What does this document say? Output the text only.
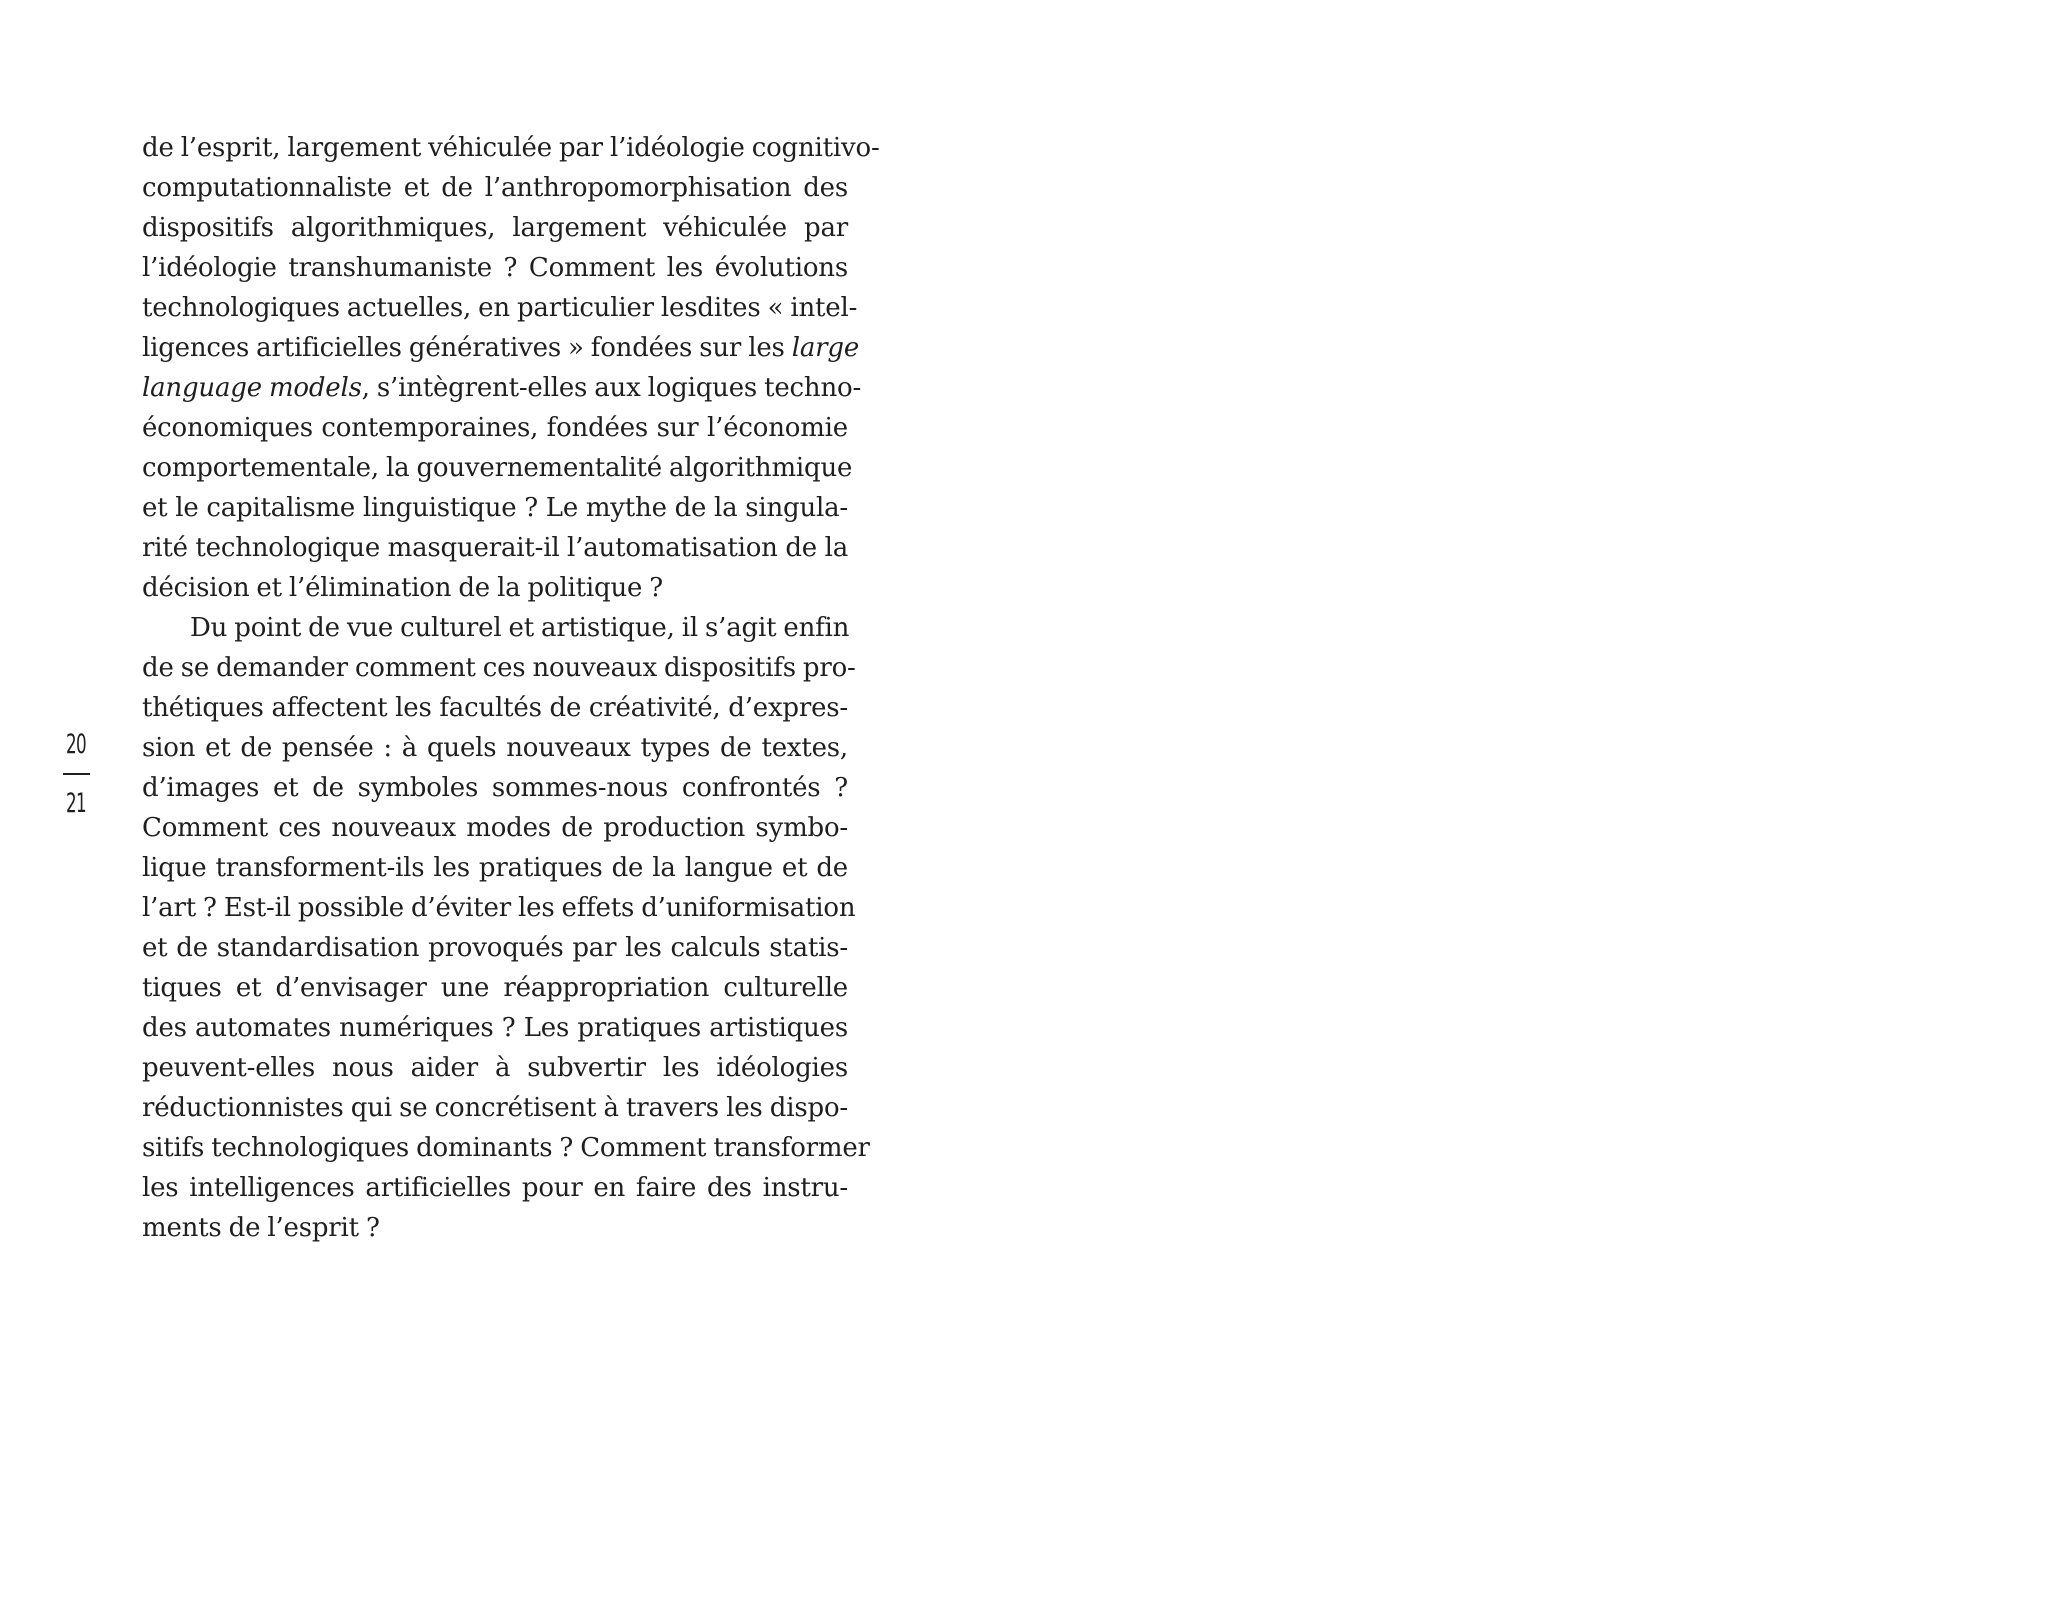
20
21
de l’esprit, largement véhiculée par l’idéologie cognitivo-
computationnaliste et de l’anthropomorphisation des
dispositifs algorithmiques, largement véhiculée par
l’idéologie transhumaniste ? Comment les évolutions
technologiques actuelles, en particulier lesdites « intel-
ligences artificielles génératives » fondées sur les large
language models, s’intègrent-elles aux logiques techno-
économiques contemporaines, fondées sur l’économie
comportementale, la gouvernementalité algorithmique
et le capitalisme linguistique ? Le mythe de la singula-
rité technologique masquerait-il l’automatisation de la
décision et l’élimination de la politique ?
Du point de vue culturel et artistique, il s’agit enfin
de se demander comment ces nouveaux dispositifs pro-
thétiques affectent les facultés de créativité, d’expres-
sion et de pensée : à quels nouveaux types de textes,
d’images et de symboles sommes-nous confrontés ?
Comment ces nouveaux modes de production symbo-
lique transforment-ils les pratiques de la langue et de
l’art ? Est-il possible d’éviter les effets d’uniformisation
et de standardisation provoqués par les calculs statis-
tiques et d’envisager une réappropriation culturelle
des automates numériques ? Les pratiques artistiques
peuvent-elles nous aider à subvertir les idéologies
réductionnistes qui se concrétisent à travers les dispo-
sitifs technologiques dominants ? Comment transformer
les intelligences artificielles pour en faire des instru-
ments de l’esprit ?
